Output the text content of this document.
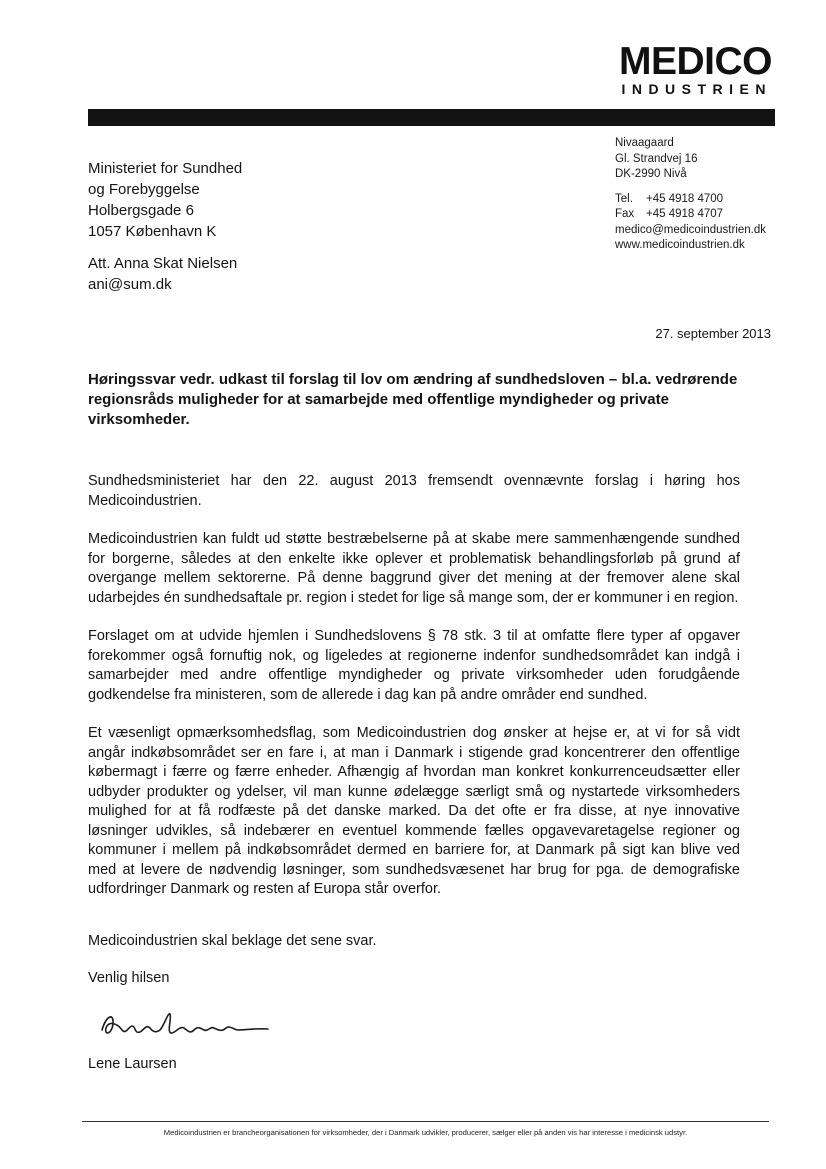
MEDICO
INDUSTRIEN
Nivaagaard
Gl. Strandvej 16
DK-2990 Nivå
Tel. +45 4918 4700
Fax +45 4918 4707
medico@medicoindustrien.dk
www.medicoindustrien.dk
Ministeriet for Sundhed
og Forebyggelse
Holbergsgade 6
1057 København K
Att. Anna Skat Nielsen
ani@sum.dk
27. september 2013
Høringssvar vedr. udkast til forslag til lov om ændring af sundhedsloven – bl.a. vedrørende regionsråds muligheder for at samarbejde med offentlige myndigheder og private virksomheder.

Sundhedsministeriet har den 22. august 2013 fremsendt ovennævnte forslag i høring hos Medicoindustrien.

Medicoindustrien kan fuldt ud støtte bestræbelserne på at skabe mere sammenhængende sundhed for borgerne, således at den enkelte ikke oplever et problematisk behandlingsforløb på grund af overgange mellem sektorerne. På denne baggrund giver det mening at der fremover alene skal udarbejdes én sundhedsaftale pr. region i stedet for lige så mange som, der er kommuner i en region.

Forslaget om at udvide hjemlen i Sundhedslovens § 78 stk. 3 til at omfatte flere typer af opgaver forekommer også fornuftig nok, og ligeledes at regionerne indenfor sundhedsområdet kan indgå i samarbejder med andre offentlige myndigheder og private virksomheder uden forudgående godkendelse fra ministeren, som de allerede i dag kan på andre områder end sundhed.

Et væsenligt opmærksomhedsflag, som Medicoindustrien dog ønsker at hejse er, at vi for så vidt angår indkøbsområdet ser en fare i, at man i Danmark i stigende grad koncentrerer den offentlige købermagt i færre og færre enheder. Afhængig af hvordan man konkret konkurrenceudsætter eller udbyder produkter og ydelser, vil man kunne ødelægge særligt små og nystartede virksomheders mulighed for at få rodfæste på det danske marked. Da det ofte er fra disse, at nye innovative løsninger udvikles, så indebærer en eventuel kommende fælles opgavevaretagelse regioner og kommuner i mellem på indkøbsområdet dermed en barriere for, at Danmark på sigt kan blive ved med at levere de nødvendig løsninger, som sundhedsvæsenet har brug for pga. de demografiske udfordringer Danmark og resten af Europa står overfor.

Medicoindustrien skal beklage det sene svar.
Venlig hilsen
Lene Laursen
Medicoindustrien er brancheorganisationen for virksomheder, der i Danmark udvikler, producerer, sælger eller på anden vis har interesse i medicinsk udstyr.
